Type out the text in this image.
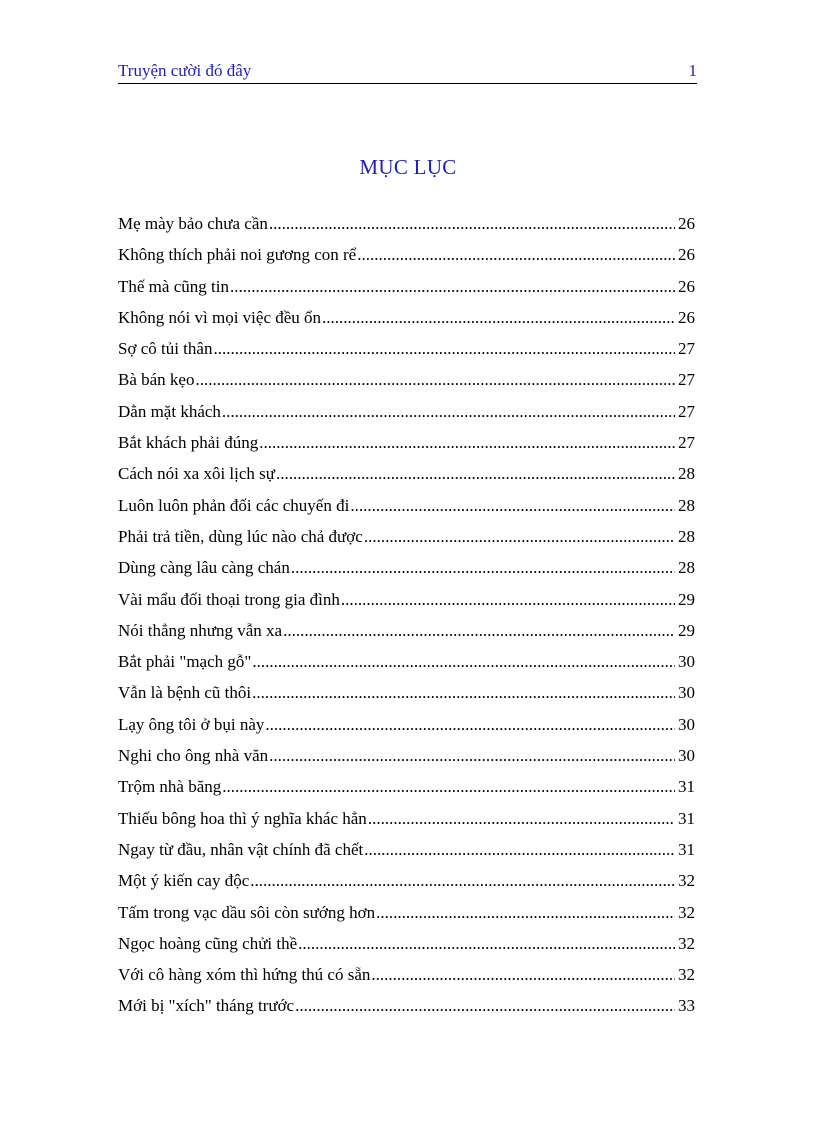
Truyện cười đó đây	1
MỤC LỤC
Mẹ mày bảo chưa cần .....	26
Không thích phải noi gương con rể .....	26
Thế mà cũng tin .....	26
Không nói vì mọi việc đều ổn .....	26
Sợ cô tủi thân .....	27
Bà bán kẹo .....	27
Dằn mặt khách .....	27
Bắt khách phải đúng .....	27
Cách nói xa xôi lịch sự .....	28
Luôn luôn phản đối các chuyến đi .....	28
Phải trả tiền, dùng lúc nào chả được .....	28
Dùng càng lâu càng chán .....	28
Vài mẩu đối thoại trong gia đình .....	29
Nói thẳng nhưng vẫn xa .....	29
Bắt phải "mạch gỗ" .....	30
Vẫn là bệnh cũ thôi .....	30
Lạy ông tôi ở bụi này .....	30
Nghi cho ông nhà văn .....	30
Trộm nhà băng .....	31
Thiếu bông hoa thì ý nghĩa khác hẳn .....	31
Ngay từ đầu, nhân vật chính đã chết .....	31
Một ý kiến cay độc .....	32
Tấm trong vạc dầu sôi còn sướng hơn .....	32
Ngọc hoàng cũng chửi thề .....	32
Với cô hàng xóm thì hứng thú có sẵn .....	32
Mới bị "xích" tháng trước .....	33
